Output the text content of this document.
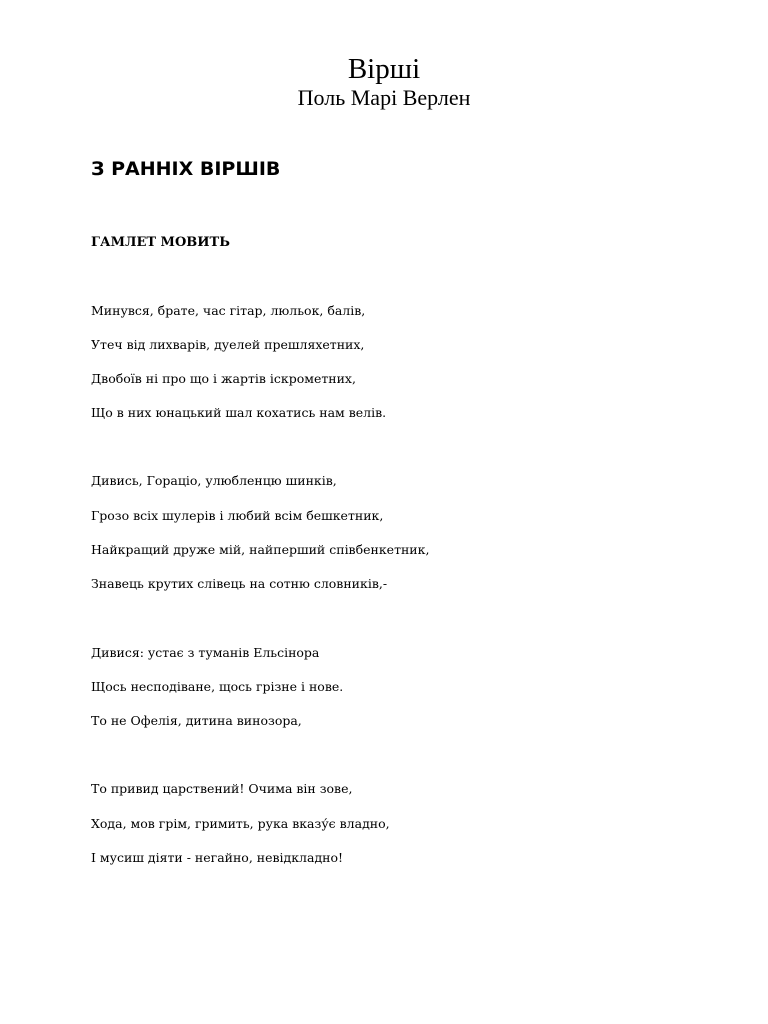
Вірші
Поль Марі Верлен
З РАННІХ ВІРШІВ
ГАМЛЕТ МОВИТЬ
Минувся, брате, час гітар, люльок, балів,
Утеч від лихварів, дуелей прешляхетних,
Двобоїв ні про що і жартів іскрометних,
Що в них юнацький шал кохатись нам велів.
Дивись, Гораціо, улюбленцю шинків,
Грозо всіх шулерів і любий всім бешкетник,
Найкращий друже мій, найперший співбенкетник,
Знавець крутих слівець на сотню словників,-
Дивися: устає з туманів Ельсінора
Щось несподіване, щось грізне і нове.
То не Офелія, дитина винозора,
То привид царствений! Очима він зове,
Хода, мов грім, гримить, рука вказу́є владно,
І мусиш діяти - негайно, невідкладно!
